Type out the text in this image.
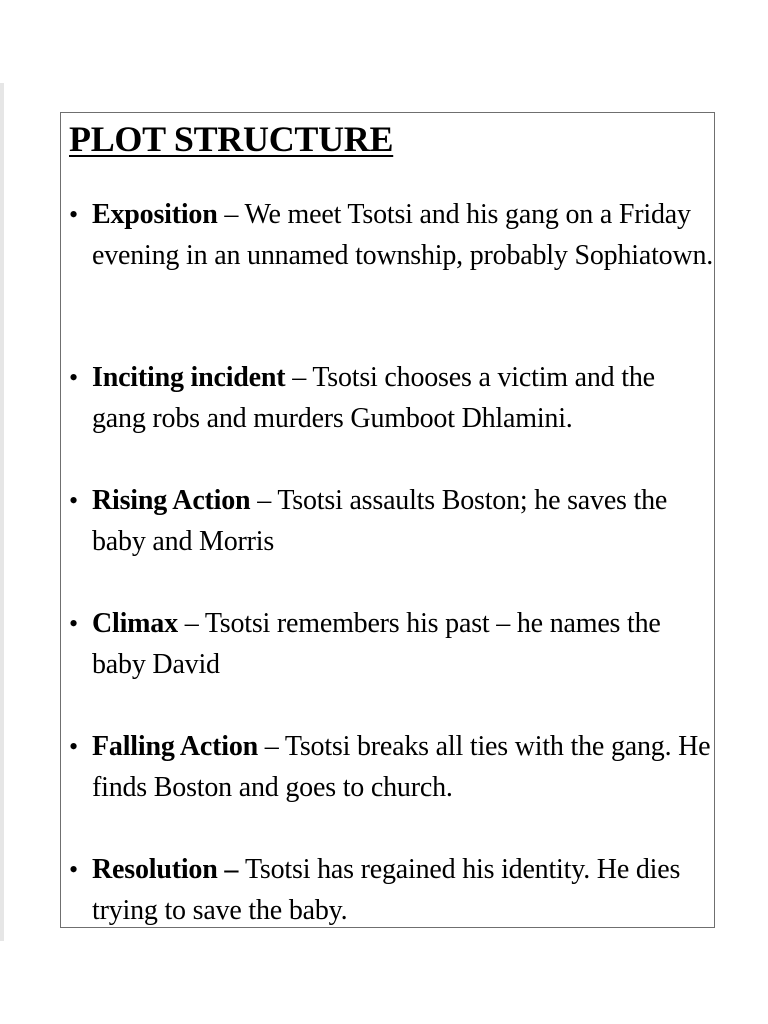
PLOT STRUCTURE
• Exposition – We meet Tsotsi and his gang on a Friday evening in an unnamed township, probably Sophiatown.
• Inciting incident – Tsotsi chooses a victim and the gang robs and murders Gumboot Dhlamini.
• Rising Action – Tsotsi assaults Boston; he saves the baby and Morris
• Climax – Tsotsi remembers his past – he names the baby David
• Falling Action – Tsotsi breaks all ties with the gang. He finds Boston and goes to church.
• Resolution – Tsotsi has regained his identity. He dies trying to save the baby.
